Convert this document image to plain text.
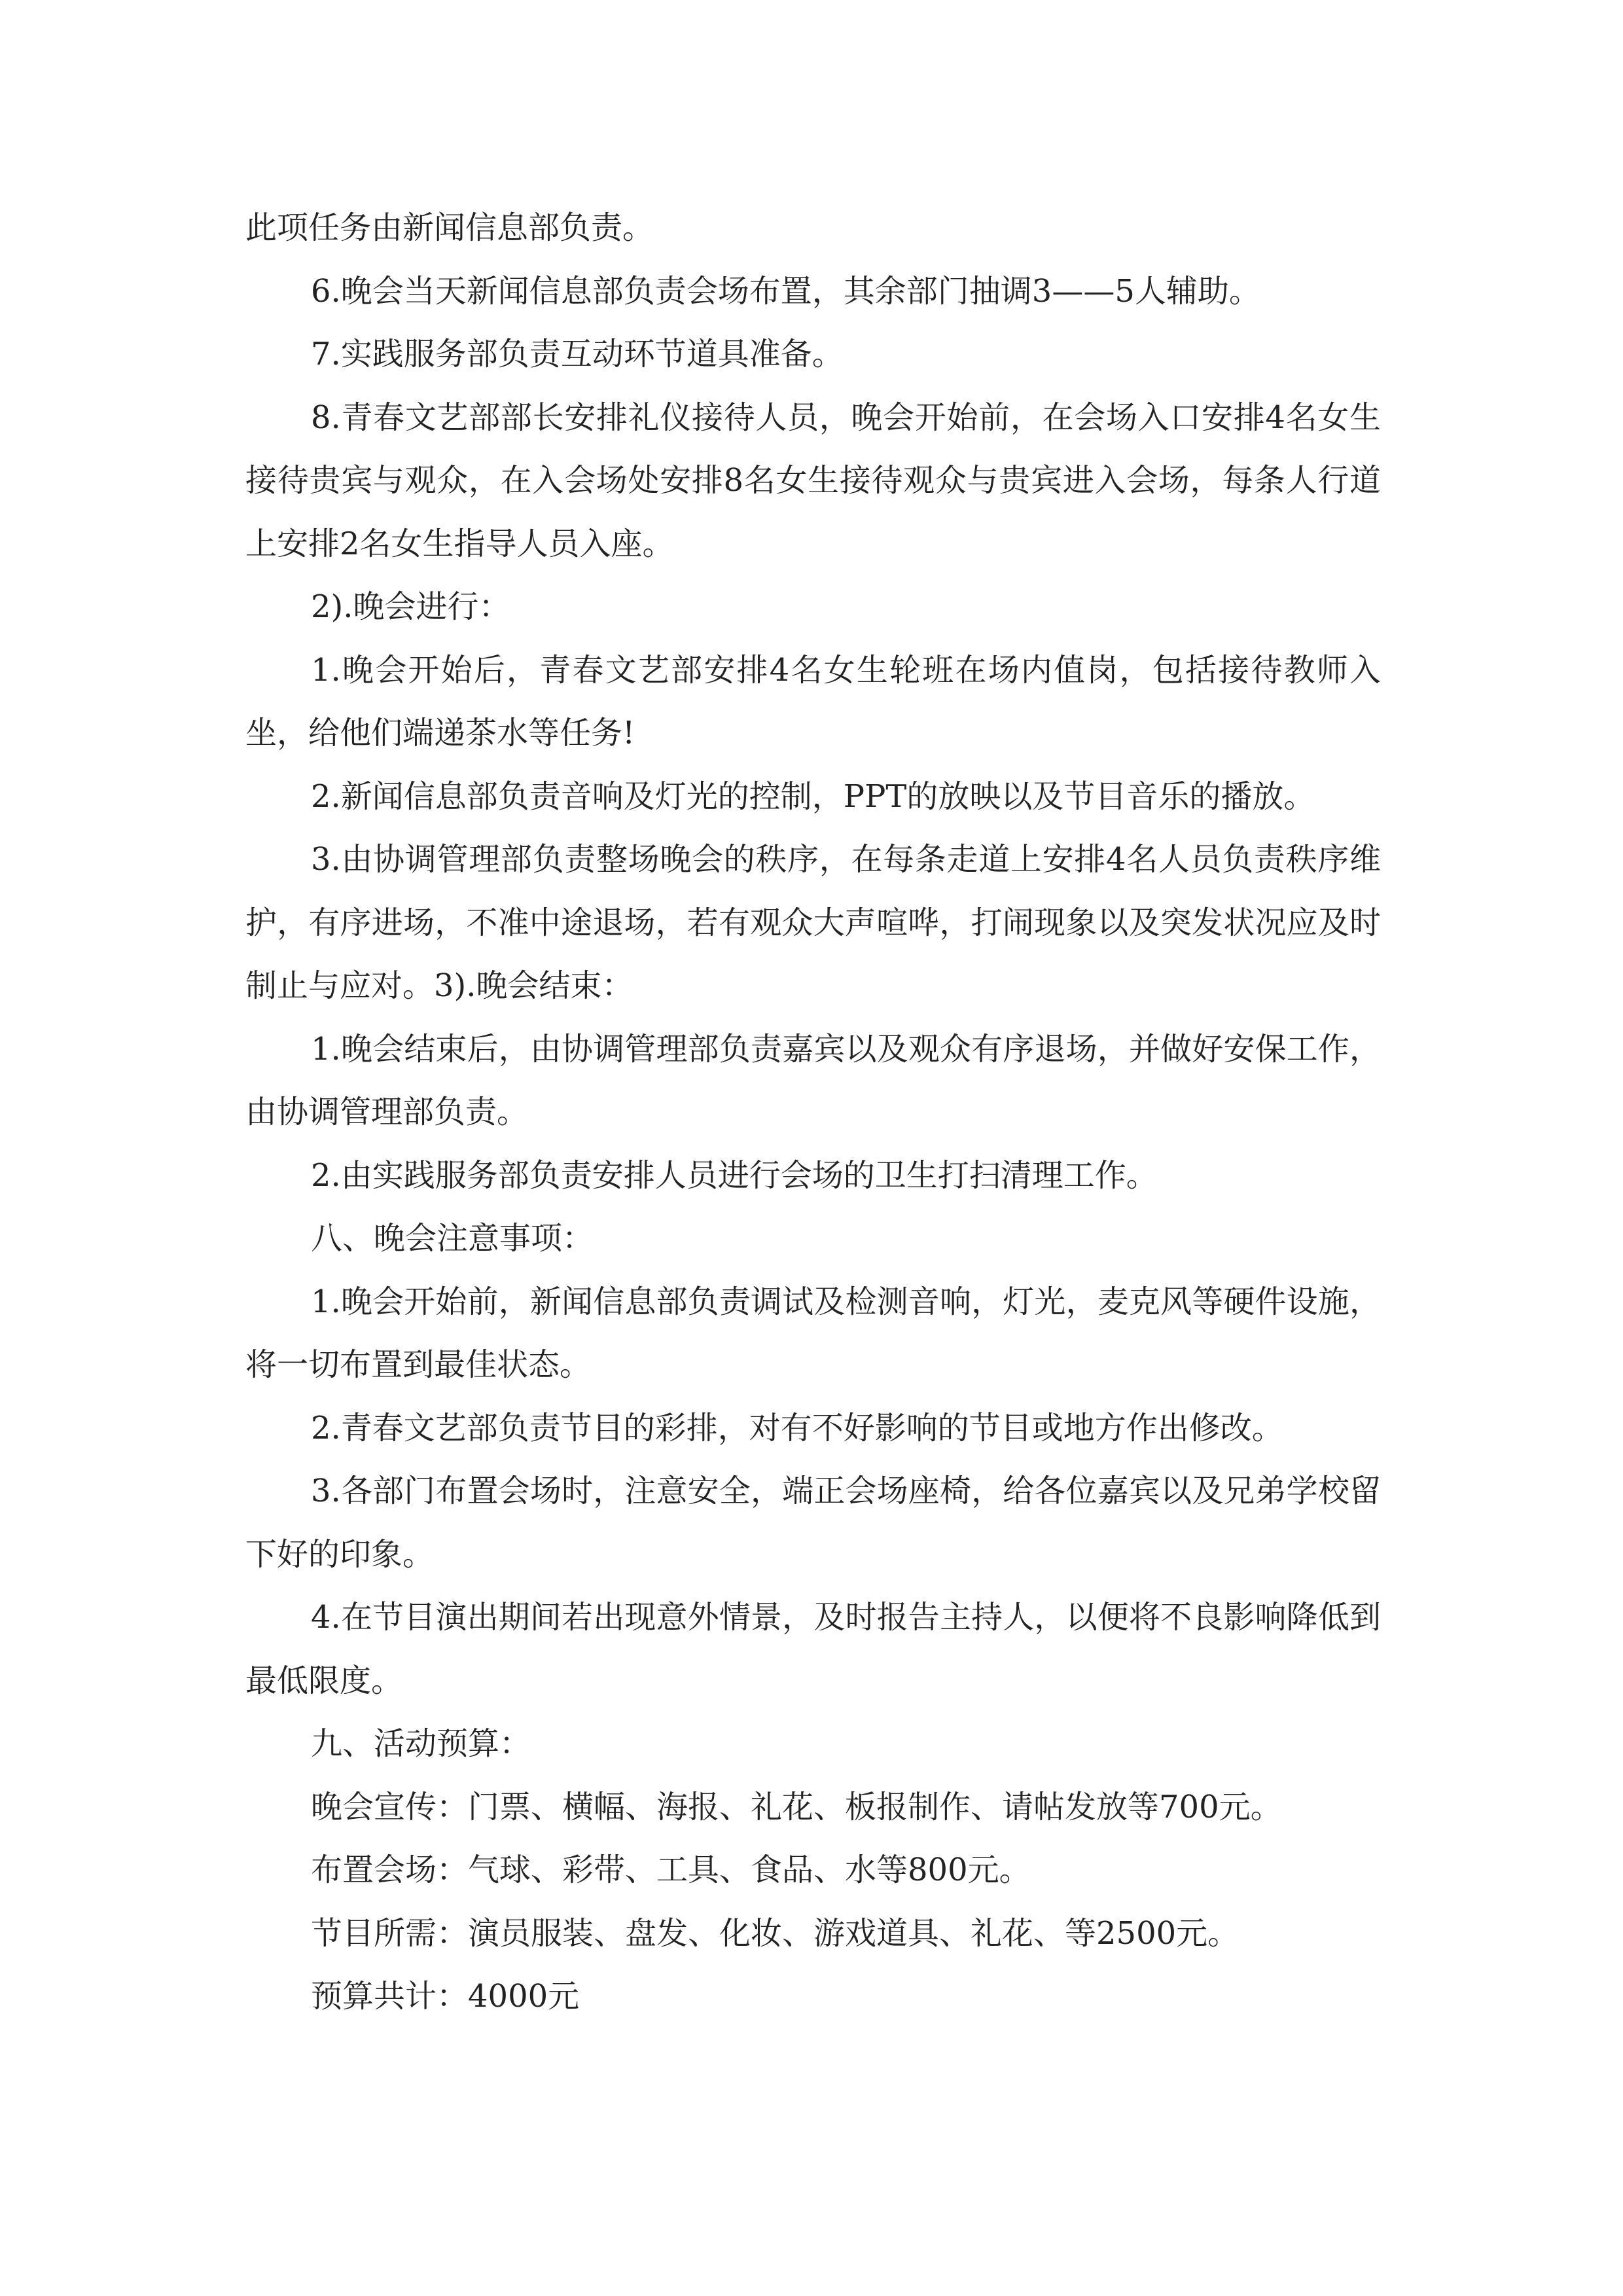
此项任务由新闻信息部负责。

6.晚会当天新闻信息部负责会场布置，其余部门抽调3——5人辅助。

7.实践服务部负责互动环节道具准备。

8.青春文艺部部长安排礼仪接待人员，晚会开始前，在会场入口安排4名女生接待贵宾与观众，在入会场处安排8名女生接待观众与贵宾进入会场，每条人行道上安排2名女生指导人员入座。

2).晚会进行：

1.晚会开始后，青春文艺部安排4名女生轮班在场内值岗，包括接待教师入坐，给他们端递茶水等任务!

2.新闻信息部负责音响及灯光的控制，PPT的放映以及节目音乐的播放。

3.由协调管理部负责整场晚会的秩序，在每条走道上安排4名人员负责秩序维护，有序进场，不准中途退场，若有观众大声喧哗，打闹现象以及突发状况应及时制止与应对。3).晚会结束：

1.晚会结束后，由协调管理部负责嘉宾以及观众有序退场，并做好安保工作，由协调管理部负责。

2.由实践服务部负责安排人员进行会场的卫生打扫清理工作。

八、晚会注意事项：

1.晚会开始前，新闻信息部负责调试及检测音响，灯光，麦克风等硬件设施，将一切布置到最佳状态。

2.青春文艺部负责节目的彩排，对有不好影响的节目或地方作出修改。

3.各部门布置会场时，注意安全，端正会场座椅，给各位嘉宾以及兄弟学校留下好的印象。

4.在节目演出期间若出现意外情景，及时报告主持人，以便将不良影响降低到最低限度。

九、活动预算：

晚会宣传：门票、横幅、海报、礼花、板报制作、请帖发放等700元。

布置会场：气球、彩带、工具、食品、水等800元。

节目所需：演员服装、盘发、化妆、游戏道具、礼花、等2500元。

预算共计：4000元
